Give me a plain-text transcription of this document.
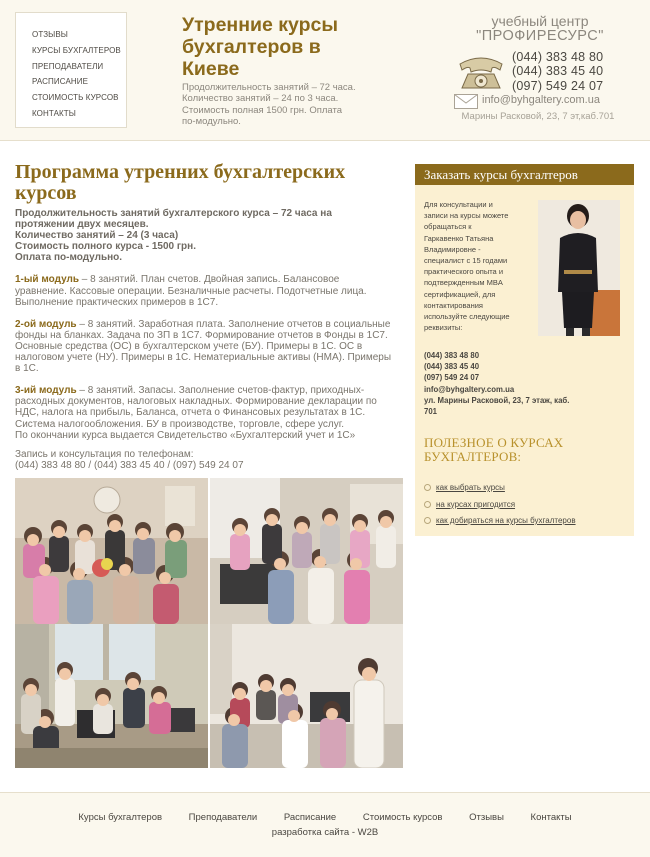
ОТЗЫВЫ
КУРСЫ БУХГАЛТЕРОВ
ПРЕПОДАВАТЕЛИ
РАСПИСАНИЕ
СТОИМОСТЬ КУРСОВ
КОНТАКТЫ
Утренние курсы
бухгалтеров в
Киеве
Продолжительность занятий – 72 часа.
Количество занятий – 24 по 3 часа.
Стоимость полная 1500 грн. Оплата
по-модульно.
учебный центр
"ПРОФИРЕСУРС"
(044) 383 48 80
(044) 383 45 40
(097) 549 24 07
info@byhgaltery.com.ua
Марины Расковой, 23, 7 эт,каб.701
Программа утренних бухгалтерских
курсов
Продолжительность занятий бухгалтерского курса – 72 часа на
протяжении двух месяцев.
Количество занятий – 24 (3 часа)
Стоимость полного курса - 1500 грн.
Оплата по-модульно.
1-ый модуль – 8 занятий. План счетов. Двойная запись. Балансовое
уравнение. Кассовые операции. Безналичные расчеты. Подотчетные лица.
Выполнение практических примеров в 1С7.
2-ой модуль – 8 занятий. Заработная плата. Заполнение отчетов в социальные
фонды на бланках. Задача по ЗП в 1С7. Формирование отчетов в Фонды в 1С7.
Основные средства (ОС) в бухгалтерском учете (БУ). Примеры в 1С. ОС в
налоговом учете (НУ). Примеры в 1С. Нематериальные активы (НМА). Примеры
в 1С.
3-ий модуль – 8 занятий. Запасы. Заполнение счетов-фактур, приходных-
расходных документов, налоговых накладных. Формирование декларации по
НДС, налога на прибыль, Баланса, отчета о Финансовых результатах в 1С.
Система налогообложения. БУ в производстве, торговле, сфере услуг.
По окончании курса выдается Свидетельство «Бухгалтерский учет и 1С»
Запись и консультация по телефонам:
(044) 383 48 80 / (044) 383 45 40 / (097) 549 24 07
Заказать курсы бухгалтеров
Для консультации и
записи на курсы можете
обращаться к
Гаркавенко Татьяна
Владимировне -
специалист с 15 годами
практического опыта и
подтвержденным MBA
сертификацией, для
контактирования
используйте следующие
реквизиты:
(044) 383 48 80
(044) 383 45 40
(097) 549 24 07
info@byhgaltery.com.ua
ул. Марины Расковой, 23, 7 этаж, каб.
701
ПОЛЕЗНОЕ О КУРСАХ
БУХГАЛТЕРОВ:
как выбрать курсы
на курсах пригодится
как добираться на курсы бухгалтеров
Курсы бухгалтеров	Преподаватели	Расписание	Стоимость курсов	Отзывы	Контакты
разработка сайта - W2B
